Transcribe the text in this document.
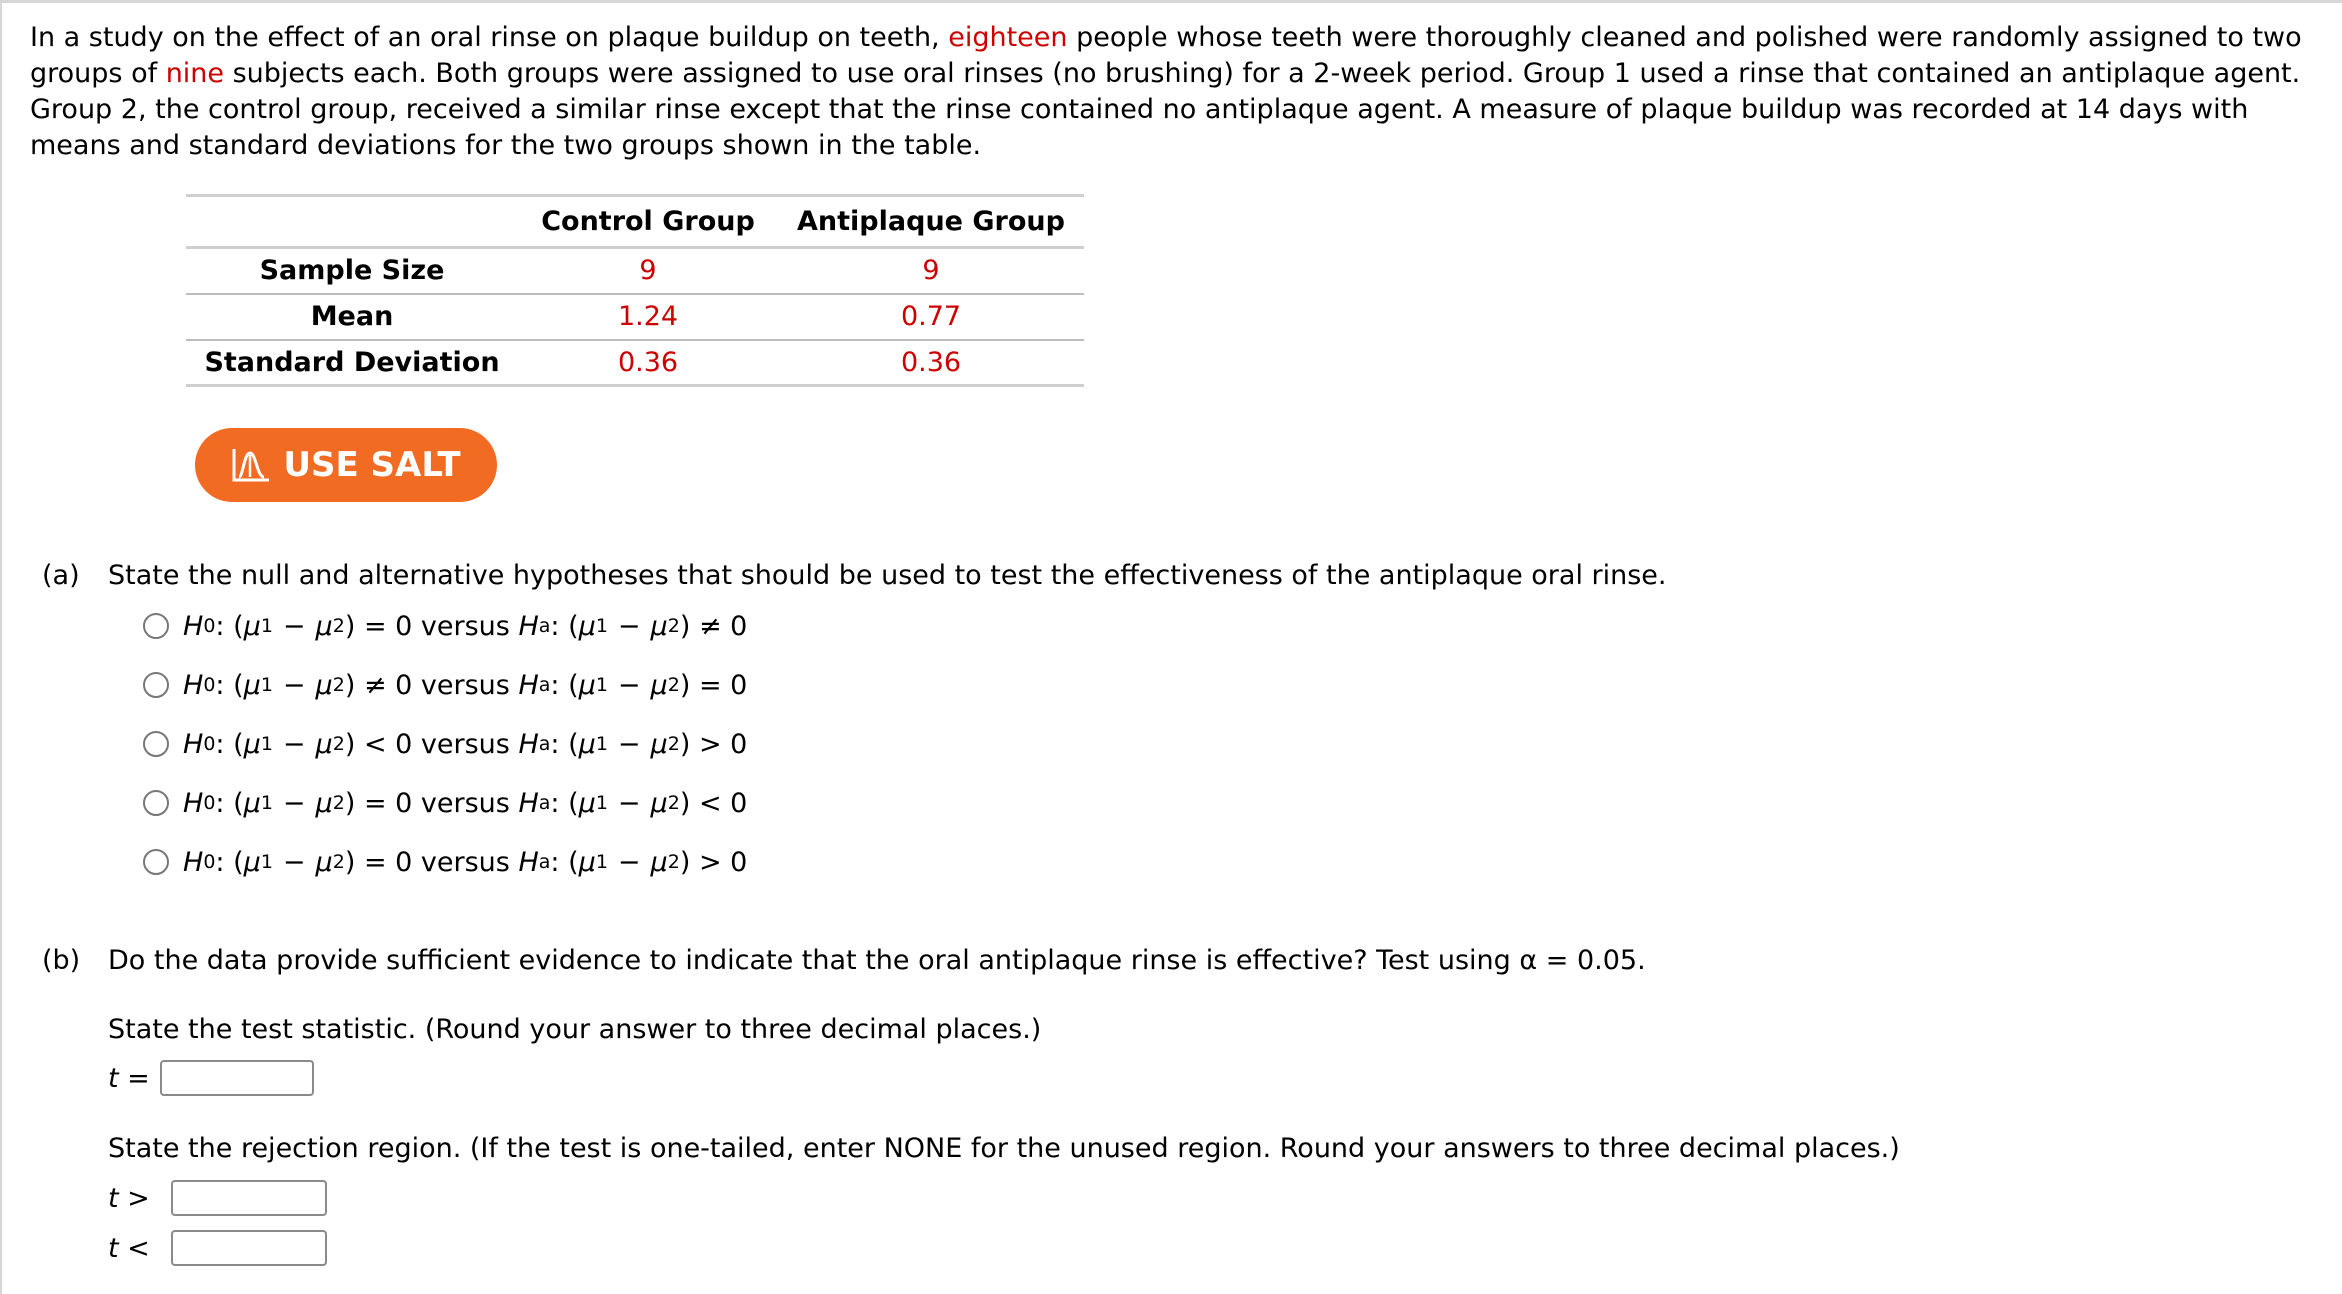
In a study on the effect of an oral rinse on plaque buildup on teeth, eighteen people whose teeth were thoroughly cleaned and polished were randomly assigned to two groups of nine subjects each. Both groups were assigned to use oral rinses (no brushing) for a 2-week period. Group 1 used a rinse that contained an antiplaque agent. Group 2, the control group, received a similar rinse except that the rinse contained no antiplaque agent. A measure of plaque buildup was recorded at 14 days with means and standard deviations for the two groups shown in the table.

	Control Group	Antiplaque Group
Sample Size	9	9
Mean	1.24	0.77
Standard Deviation	0.36	0.36
USE SALT
(a) State the null and alternative hypotheses that should be used to test the effectiveness of the antiplaque oral rinse.
H 0 : ( μ 1 − μ 2 ) = 0 versus H a : ( μ 1 − μ 2 ) ≠ 0
H 0 : ( μ 1 − μ 2 ) ≠ 0 versus H a : ( μ 1 − μ 2 ) = 0
H 0 : ( μ 1 − μ 2 ) < 0 versus H a : ( μ 1 − μ 2 ) > 0
H 0 : ( μ 1 − μ 2 ) = 0 versus H a : ( μ 1 − μ 2 ) < 0
H 0 : ( μ 1 − μ 2 ) = 0 versus H a : ( μ 1 − μ 2 ) > 0
(b) Do the data provide sufficient evidence to indicate that the oral antiplaque rinse is effective? Test using α = 0.05.
State the test statistic. (Round your answer to three decimal places.)
t =
State the rejection region. (If the test is one-tailed, enter NONE for the unused region. Round your answers to three decimal places.)
t >
t <
